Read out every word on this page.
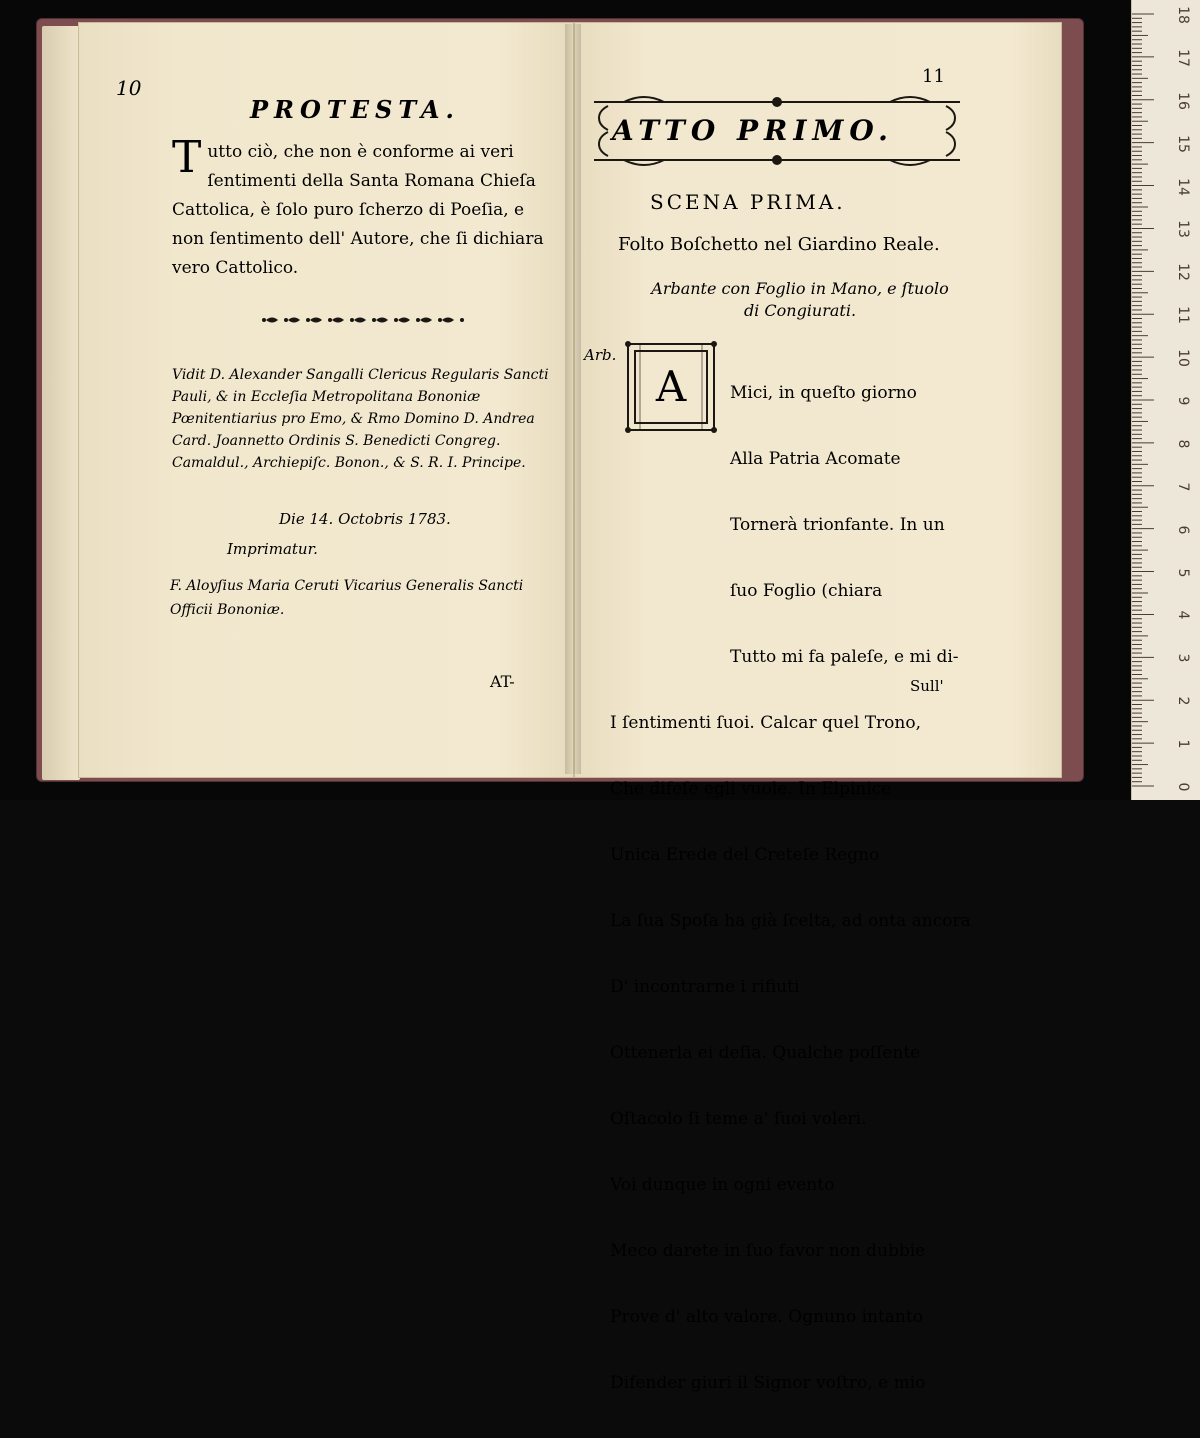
10
PROTESTA.
T utto ciò, che non è conforme ai veri ſentimenti della Santa Romana Chieſa Cattolica, è ſolo puro ſcherzo di Poeſia, e non ſentimento dell' Autore, che ſi dichiara vero Cattolico.
Vidit D. Alexander Sangalli Clericus Regularis Sancti Pauli, & in Eccleſia Metropolitana Bononiæ Pœnitentiarius pro Emo, & Rmo Domino D. Andrea Card. Joannetto Ordinis S. Benedicti Congreg. Camaldul., Archiepiſc. Bonon., & S. R. I. Principe.
Die 14. Octobris 1783.
Imprimatur.
F. Aloyſius Maria Ceruti Vicarius Generalis Sancti Officii Bononiæ.
AT-
11
ATTO PRIMO.
SCENA PRIMA.
Folto Boſchetto nel Giardino Reale.
Arbante con Foglio in Mano, e ſtuolo di Congiurati.
Arb.
A

	Mici, in queſto giorno

Alla Patria Acomate

Tornerà trionfante. In un

ſuo Foglio (chiara

Tutto mi fa paleſe, e mi di-

I ſentimenti ſuoi. Calcar quel Trono,

Che difeſe egli vuole. In Elpinice

Unica Erede del Creteſe Regno

La ſua Spoſa ha già ſcelta, ad onta ancora

D' incontrarne i rifiuti

Ottenerla ei deſia. Qualche poſſente

Oſtacolo ſi teme a' ſuoi voleri.

Voi dunque in ogni evento

Meco darete in ſuo favor non dubbie

Prove d' alto valore. Ognuno intanto

Difender giuri il Signor voſtro, e mio

Sull'
18
17
16
15
14
13
12
11
10
9
8
7
6
5
4
3
2
1
0
